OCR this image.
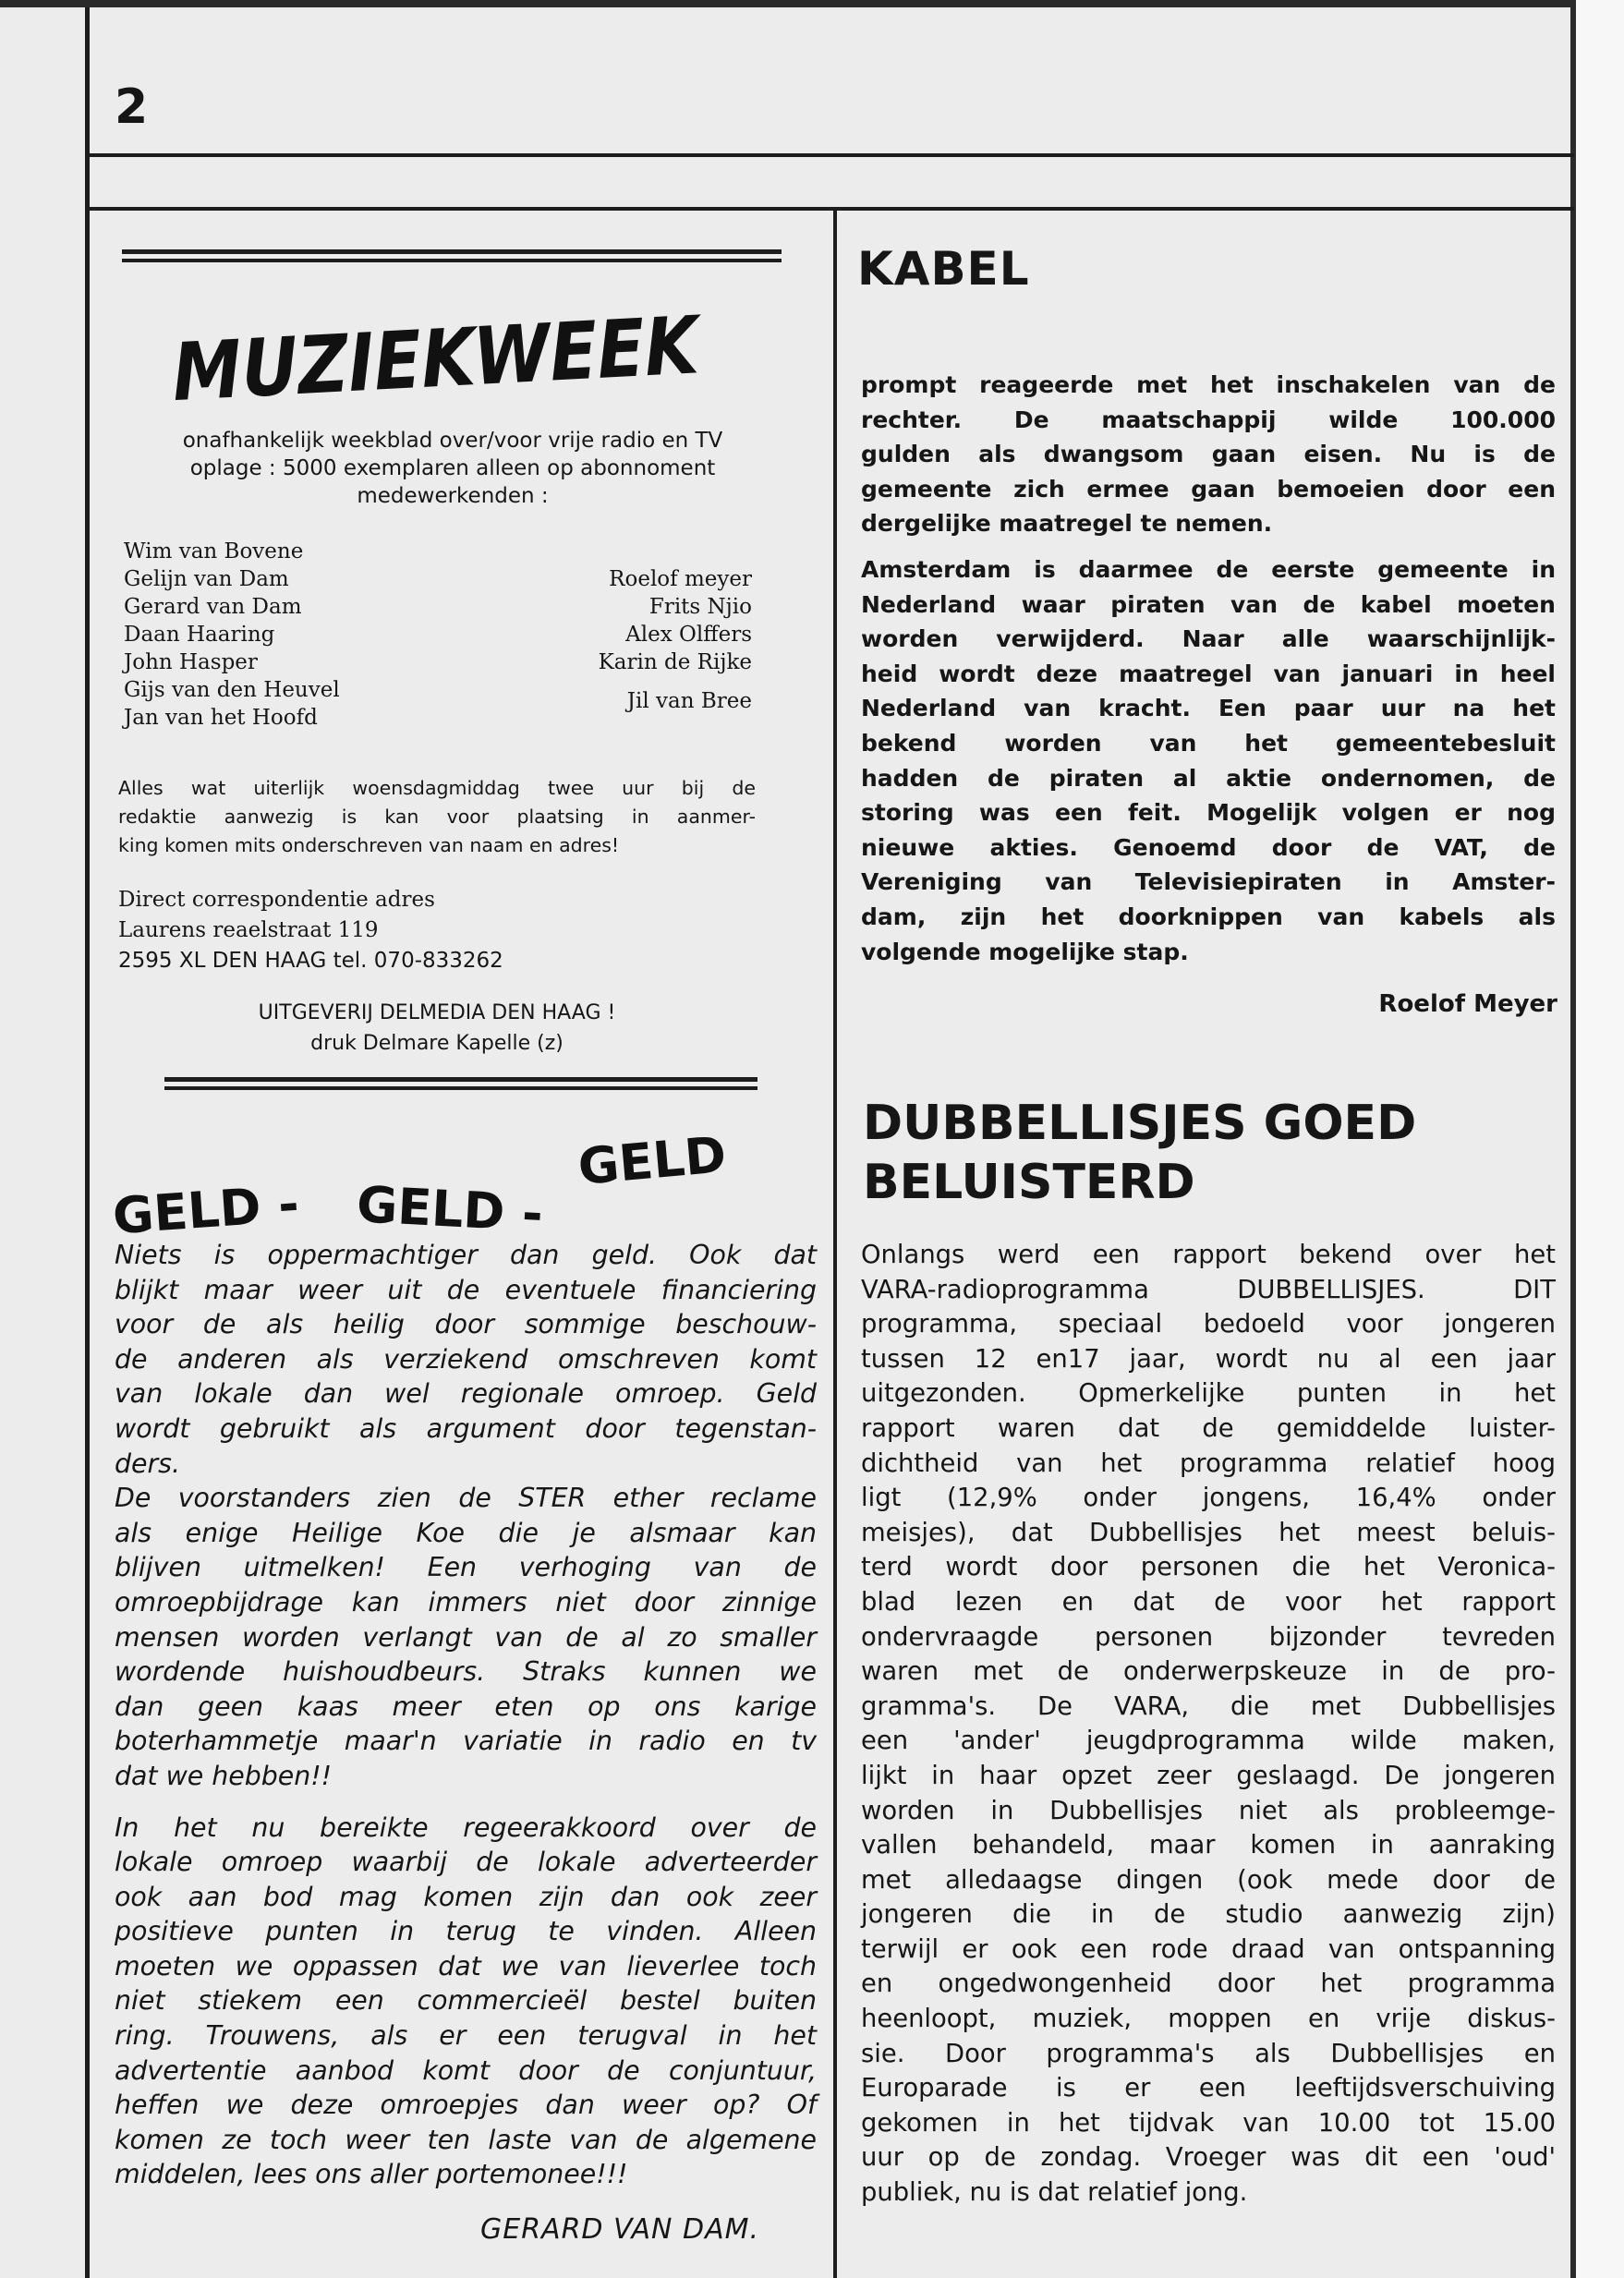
2
MUZIEKWEEK
onafhankelijk weekblad over/voor vrije radio en TV
oplage : 5000 exemplaren alleen op abonnoment
medewerkenden :
Wim van Bovene
Gelijn van Dam
Gerard van Dam
Daan Haaring
John Hasper
Gijs van den Heuvel
Jan van het Hoofd
Roelof meyer
Frits Njio
Alex Olffers
Karin de Rijke
Jil van Bree
Alles wat uiterlijk woensdagmiddag twee uur bij de
redaktie aanwezig is kan voor plaatsing in aanmer-
king komen mits onderschreven van naam en adres!
Direct correspondentie adres
Laurens reaelstraat 119
2595 XL DEN HAAG tel. 070-833262
UITGEVERIJ DELMEDIA DEN HAAG !
druk Delmare Kapelle (z)
GELD - GELD -
GELD
Niets is oppermachtiger dan geld. Ook dat
blijkt maar weer uit de eventuele financiering
voor de als heilig door sommige beschouw-
de anderen als verziekend omschreven komt
van lokale dan wel regionale omroep. Geld
wordt gebruikt als argument door tegenstan-
ders.
De voorstanders zien de STER ether reclame
als enige Heilige Koe die je alsmaar kan
blijven uitmelken! Een verhoging van de
omroepbijdrage kan immers niet door zinnige
mensen worden verlangt van de al zo smaller
wordende huishoudbeurs. Straks kunnen we
dan geen kaas meer eten op ons karige
boterhammetje maar'n variatie in radio en tv
dat we hebben!!
In het nu bereikte regeerakkoord over de
lokale omroep waarbij de lokale adverteerder
ook aan bod mag komen zijn dan ook zeer
positieve punten in terug te vinden. Alleen
moeten we oppassen dat we van lieverlee toch
niet stiekem een commercieël bestel buiten
ring. Trouwens, als er een terugval in het
advertentie aanbod komt door de conjuntuur,
heffen we deze omroepjes dan weer op? Of
komen ze toch weer ten laste van de algemene
middelen, lees ons aller portemonee!!!
GERARD VAN DAM.
KABEL
prompt reageerde met het inschakelen van de
rechter. De maatschappij wilde 100.000
gulden als dwangsom gaan eisen. Nu is de
gemeente zich ermee gaan bemoeien door een
dergelijke maatregel te nemen.
Amsterdam is daarmee de eerste gemeente in
Nederland waar piraten van de kabel moeten
worden verwijderd. Naar alle waarschijnlijk-
heid wordt deze maatregel van januari in heel
Nederland van kracht. Een paar uur na het
bekend worden van het gemeentebesluit
hadden de piraten al aktie ondernomen, de
storing was een feit. Mogelijk volgen er nog
nieuwe akties. Genoemd door de VAT, de
Vereniging van Televisiepiraten in Amster-
dam, zijn het doorknippen van kabels als
volgende mogelijke stap.
Roelof Meyer
DUBBELLISJES GOED
BELUISTERD
Onlangs werd een rapport bekend over het
VARA-radioprogramma DUBBELLISJES. DIT
programma, speciaal bedoeld voor jongeren
tussen 12 en17 jaar, wordt nu al een jaar
uitgezonden. Opmerkelijke punten in het
rapport waren dat de gemiddelde luister-
dichtheid van het programma relatief hoog
ligt (12,9% onder jongens, 16,4% onder
meisjes), dat Dubbellisjes het meest beluis-
terd wordt door personen die het Veronica-
blad lezen en dat de voor het rapport
ondervraagde personen bijzonder tevreden
waren met de onderwerpskeuze in de pro-
gramma's. De VARA, die met Dubbellisjes
een 'ander' jeugdprogramma wilde maken,
lijkt in haar opzet zeer geslaagd. De jongeren
worden in Dubbellisjes niet als probleemge-
vallen behandeld, maar komen in aanraking
met alledaagse dingen (ook mede door de
jongeren die in de studio aanwezig zijn)
terwijl er ook een rode draad van ontspanning
en ongedwongenheid door het programma
heenloopt, muziek, moppen en vrije diskus-
sie. Door programma's als Dubbellisjes en
Europarade is er een leeftijdsverschuiving
gekomen in het tijdvak van 10.00 tot 15.00
uur op de zondag. Vroeger was dit een 'oud'
publiek, nu is dat relatief jong.
